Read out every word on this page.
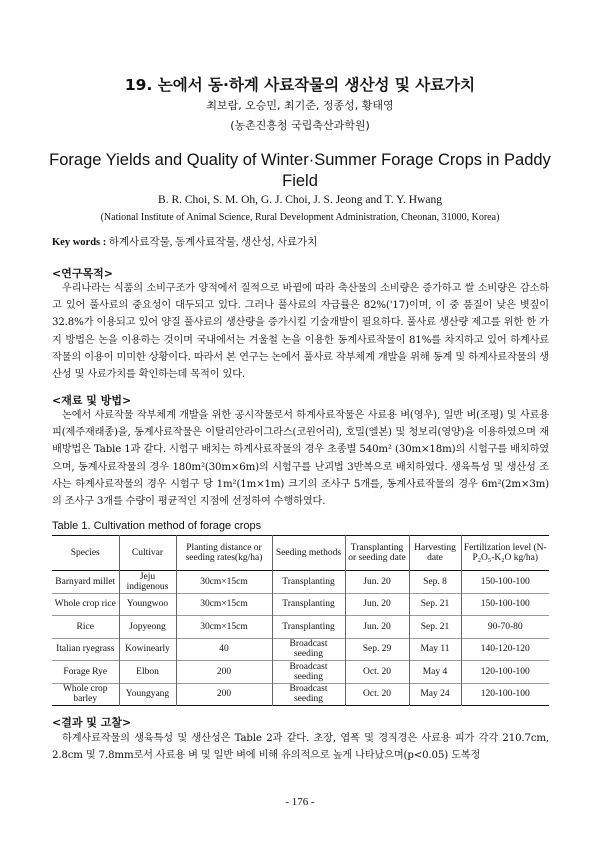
19. 논에서 동·하계 사료작물의 생산성 및 사료가치
최보람, 오승민, 최기준, 정종성, 황태영
(농촌진흥청 국립축산과학원)
Forage Yields and Quality of Winter·Summer Forage Crops in Paddy Field
B. R. Choi, S. M. Oh, G. J. Choi, J. S. Jeong and T. Y. Hwang
(National Institute of Animal Science, Rural Development Administration, Cheonan, 31000, Korea)
Key words : 하계사료작물, 동계사료작물, 생산성, 사료가치
<연구목적>
우리나라는 식품의 소비구조가 양적에서 질적으로 바뀜에 따라 축산물의 소비량은 증가하고 쌀 소비량은 감소하고 있어 풀사료의 중요성이 대두되고 있다. 그러나 풀사료의 자급률은 82%('17)이며, 이 중 품질이 낮은 볏짚이 32.8%가 이용되고 있어 양질 풀사료의 생산량을 증가시킬 기술개발이 필요하다. 풀사료 생산량 제고를 위한 한 가지 방법은 논을 이용하는 것이며 국내에서는 겨울철 논을 이용한 동계사료작물이 81%를 차지하고 있어 하계사료작물의 이용이 미미한 상황이다. 따라서 본 연구는 논에서 풀사료 작부체계 개발을 위해 동계 및 하계사료작물의 생산성 및 사료가치를 확인하는데 목적이 있다.
<재료 및 방법>
논에서 사료작물 작부체계 개발을 위한 공시작물로서 하계사료작물은 사료용 벼(영우), 일반 벼(조평) 및 사료용 피(제주재래종)을, 동계사료작물은 이탈리안라이그라스(코윈어리), 호밀(엘본) 및 청보리(영양)을 이용하였으며 재배방법은 Table 1과 같다. 시험구 배치는 하계사료작물의 경우 초종별 540m² (30m×18m)의 시험구를 배치하였으며, 동계사료작물의 경우 180m²(30m×6m)의 시험구를 난괴법 3반복으로 배치하였다. 생육특성 및 생산성 조사는 하계사료작물의 경우 시험구 당 1m²(1m×1m) 크기의 조사구 5개를, 동계사료작물의 경우 6m²(2m×3m)의 조사구 3개를 수량이 평균적인 지점에 선정하여 수행하였다.
Table 1. Cultivation method of forage crops
Species	Cultivar	Planting distance or seeding rates(kg/ha)	Seeding methods	Transplanting or seeding date	Harvesting date	Fertilization level (N-P₂O₅-K₂O kg/ha)
Barnyard millet	Jeju indigenous	30cm×15cm	Transplanting	Jun. 20	Sep. 8	150-100-100
Whole crop rice	Youngwoo	30cm×15cm	Transplanting	Jun. 20	Sep. 21	150-100-100
Rice	Jopyeong	30cm×15cm	Transplanting	Jun. 20	Sep. 21	90-70-80
Italian ryegrass	Kowinearly	40	Broadcast seeding	Sep. 29	May 11	140-120-120
Forage Rye	Elbon	200	Broadcast seeding	Oct. 20	May 4	120-100-100
Whole crop barley	Youngyang	200	Broadcast seeding	Oct. 20	May 24	120-100-100
<결과 및 고찰>
하계사료작물의 생육특성 및 생산성은 Table 2과 같다. 초장, 엽폭 및 경직경은 사료용 피가 각각 210.7cm, 2.8cm 및 7.8mm로서 사료용 벼 및 일반 벼에 비해 유의적으로 높게 나타났으며(p<0.05) 도복정
- 176 -
